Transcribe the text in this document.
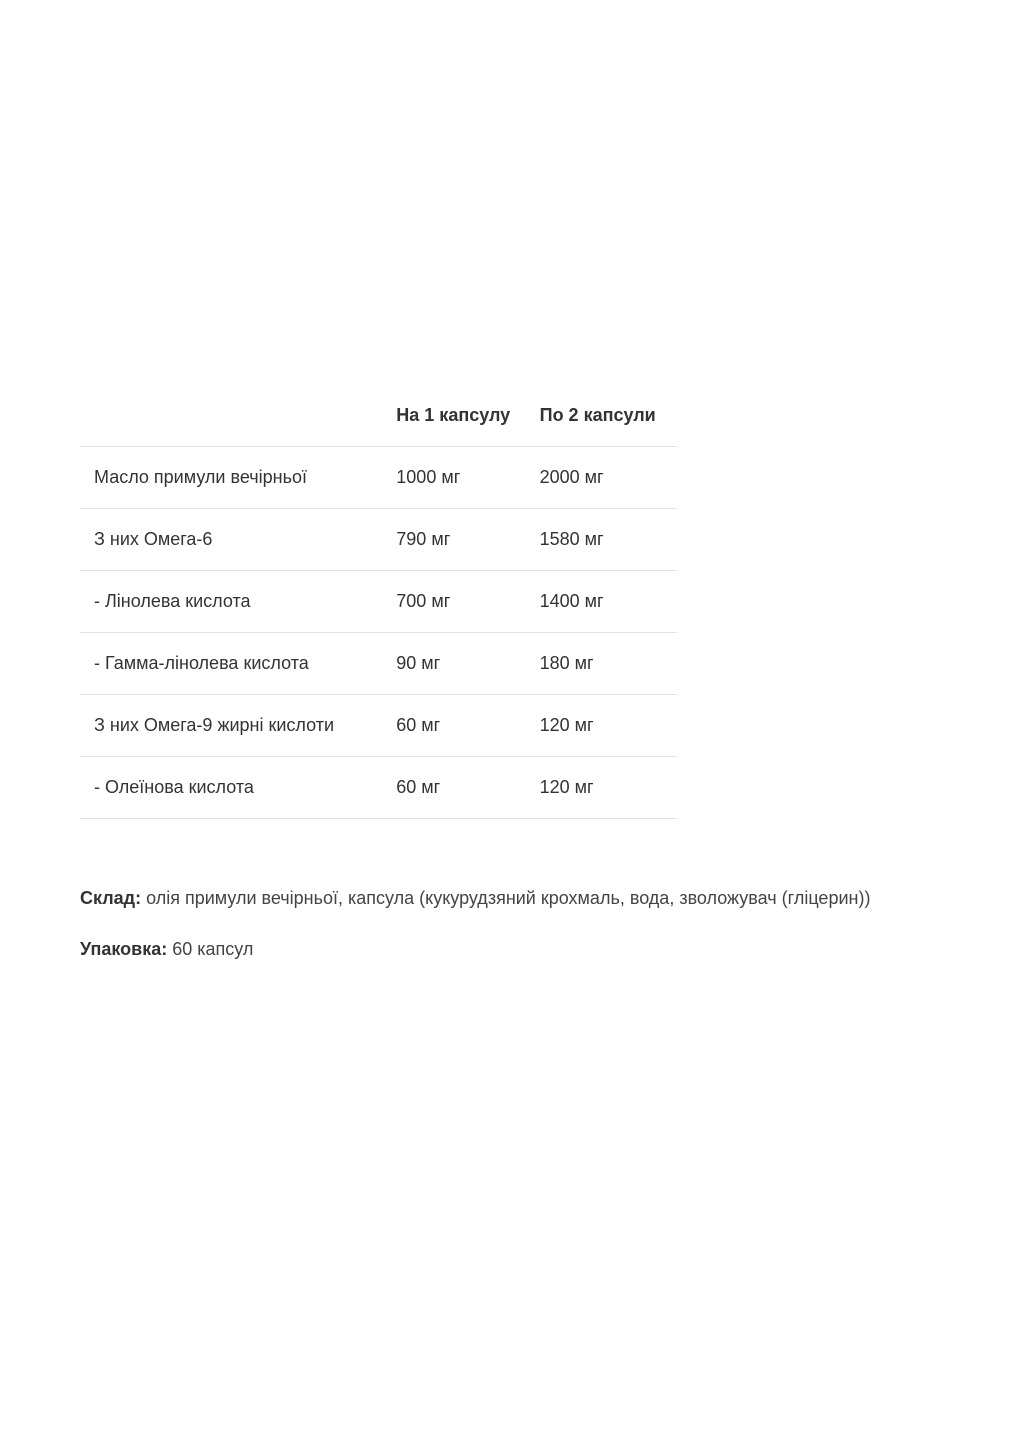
	На 1 капсулу	По 2 капсули
Масло примули вечірньої	1000 мг	2000 мг
З них Омега-6	790 мг	1580 мг
- Лінолева кислота	700 мг	1400 мг
- Гамма-лінолева кислота	90 мг	180 мг
З них Омега-9 жирні кислоти	60 мг	120 мг
- Олеїнова кислота	60 мг	120 мг

Склад: олія примули вечірньої, капсула (кукурудзяний крохмаль, вода, зволожувач (гліцерин))

Упаковка: 60 капсул
